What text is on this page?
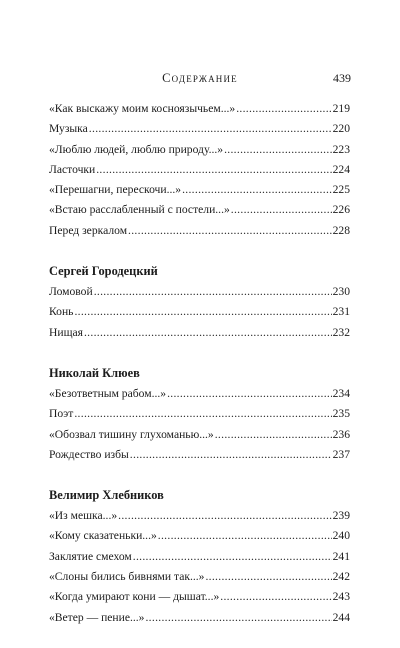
Содержание	439
«Как выскажу моим косноязычьем...» . . .	219
Музыка . . .	220
«Люблю людей, люблю природу...» . . .	223
Ласточки . . .	224
«Перешагни, перескочи...» . . .	225
«Встаю расслабленный с постели...» . . .	226
Перед зеркалом . . .	228
Сергей Городецкий
Ломовой . . .	230
Конь . . .	231
Нищая . . .	232
Николай Клюев
«Безответным рабом...» . . .	234
Поэт . . .	235
«Обозвал тишину глухоманью...» . . .	236
Рождество избы . . .	237
Велимир Хлебников
«Из мешка...» . . .	239
«Кому сказатеньки...» . . .	240
Заклятие смехом . . .	241
«Слоны бились бивнями так...» . . .	242
«Когда умирают кони — дышат...» . . .	243
«Ветер — пение...» . . .	244
